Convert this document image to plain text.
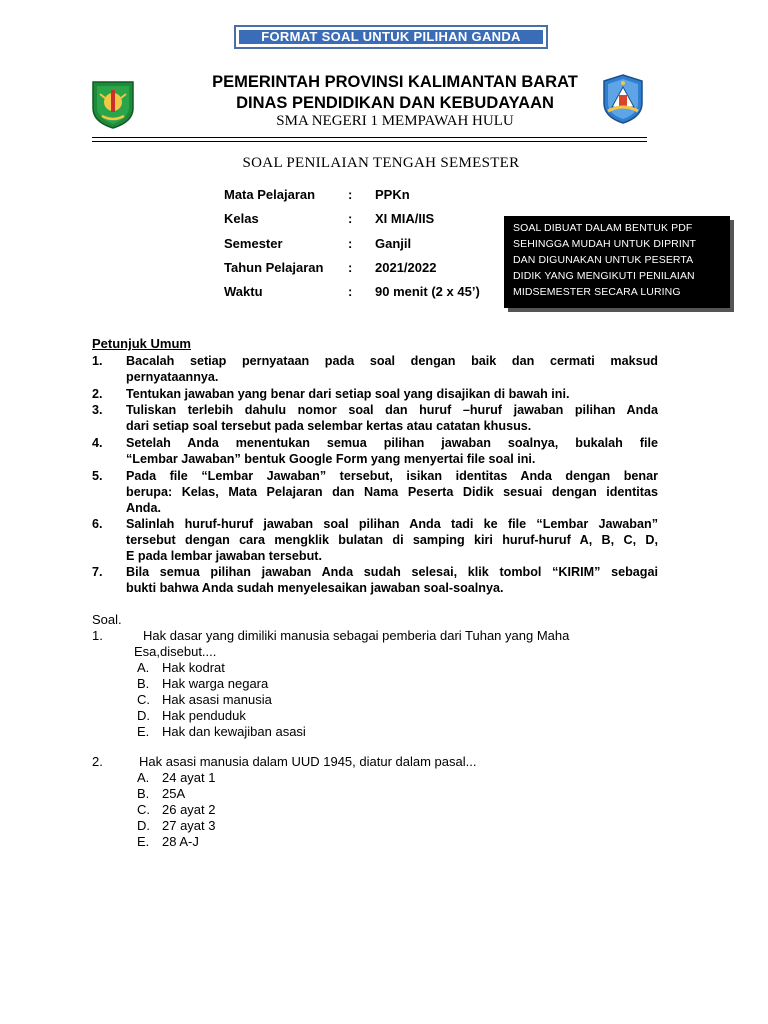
FORMAT SOAL UNTUK PILIHAN GANDA
PEMERINTAH PROVINSI KALIMANTAN BARAT
DINAS PENDIDIKAN DAN KEBUDAYAAN
SMA NEGERI 1 MEMPAWAH HULU
SOAL PENILAIAN TENGAH SEMESTER
Mata Pelajaran	: PPKn
Kelas	: XI MIA/IIS
Semester	: Ganjil
Tahun Pelajaran	: 2021/2022
Waktu	: 90 menit (2 x 45’)
SOAL DIBUAT DALAM BENTUK PDF
SEHINGGA MUDAH UNTUK DIPRINT
DAN DIGUNAKAN UNTUK PESERTA
DIDIK YANG MENGIKUTI PENILAIAN
MIDSEMESTER SECARA LURING
Petunjuk Umum
1. Bacalah setiap pernyataan pada soal dengan baik dan cermati maksud
pernyataannya.
2. Tentukan jawaban yang benar dari setiap soal yang disajikan di bawah ini.
3. Tuliskan terlebih dahulu nomor soal dan huruf –huruf jawaban pilihan Anda
dari setiap soal tersebut pada selembar kertas atau catatan khusus.
4. Setelah Anda menentukan semua pilihan jawaban soalnya, bukalah file
“Lembar Jawaban” bentuk Google Form yang menyertai file soal ini.
5. Pada file “Lembar Jawaban” tersebut, isikan identitas Anda dengan benar
berupa: Kelas, Mata Pelajaran dan Nama Peserta Didik sesuai dengan identitas
Anda.
6. Salinlah huruf-huruf jawaban soal pilihan Anda tadi ke file “Lembar Jawaban”
tersebut dengan cara mengklik bulatan di samping kiri huruf-huruf A, B, C, D,
E pada lembar jawaban tersebut.
7. Bila semua pilihan jawaban Anda sudah selesai, klik tombol “KIRIM” sebagai
bukti bahwa Anda sudah menyelesaikan jawaban soal-soalnya.
Soal.
1.	Hak dasar yang dimiliki manusia sebagai pemberia dari Tuhan yang Maha
Esa,disebut....
A. Hak kodrat
B. Hak warga negara
C. Hak asasi manusia
D. Hak penduduk
E. Hak dan kewajiban asasi
2.	Hak asasi manusia dalam UUD 1945, diatur dalam pasal...
A. 24 ayat 1
B. 25A
C. 26 ayat 2
D. 27 ayat 3
E. 28 A-J
